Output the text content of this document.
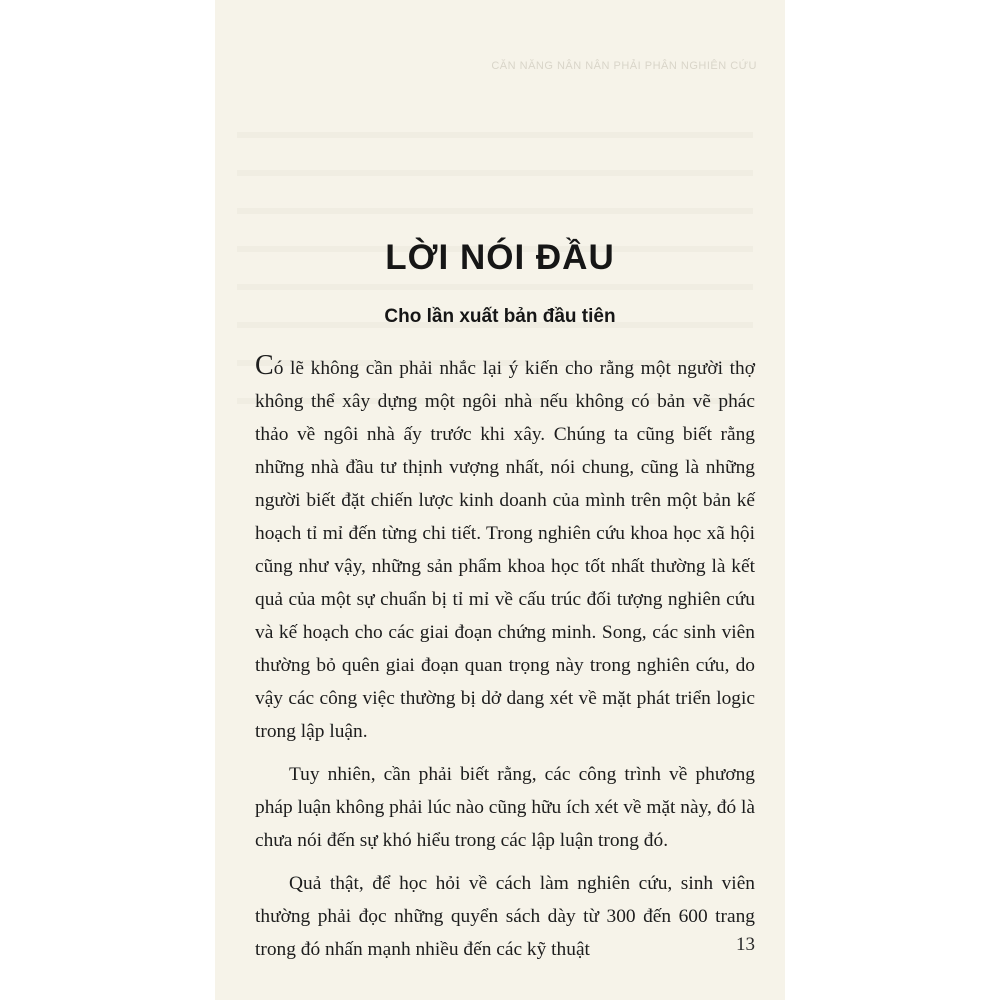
CĂN NĂNG NÂN NÂN PHẢI PHÂN NGHIÊN CỨU
LỜI NÓI ĐẦU
Cho lần xuất bản đầu tiên

Có lẽ không cần phải nhắc lại ý kiến cho rằng một người thợ không thể xây dựng một ngôi nhà nếu không có bản vẽ phác thảo về ngôi nhà ấy trước khi xây. Chúng ta cũng biết rằng những nhà đầu tư thịnh vượng nhất, nói chung, cũng là những người biết đặt chiến lược kinh doanh của mình trên một bản kế hoạch tỉ mỉ đến từng chi tiết. Trong nghiên cứu khoa học xã hội cũng như vậy, những sản phẩm khoa học tốt nhất thường là kết quả của một sự chuẩn bị tỉ mỉ về cấu trúc đối tượng nghiên cứu và kế hoạch cho các giai đoạn chứng minh. Song, các sinh viên thường bỏ quên giai đoạn quan trọng này trong nghiên cứu, do vậy các công việc thường bị dở dang xét về mặt phát triển logic trong lập luận.

Tuy nhiên, cần phải biết rằng, các công trình về phương pháp luận không phải lúc nào cũng hữu ích xét về mặt này, đó là chưa nói đến sự khó hiểu trong các lập luận trong đó.

Quả thật, để học hỏi về cách làm nghiên cứu, sinh viên thường phải đọc những quyển sách dày từ 300 đến 600 trang trong đó nhấn mạnh nhiều đến các kỹ thuật	13
